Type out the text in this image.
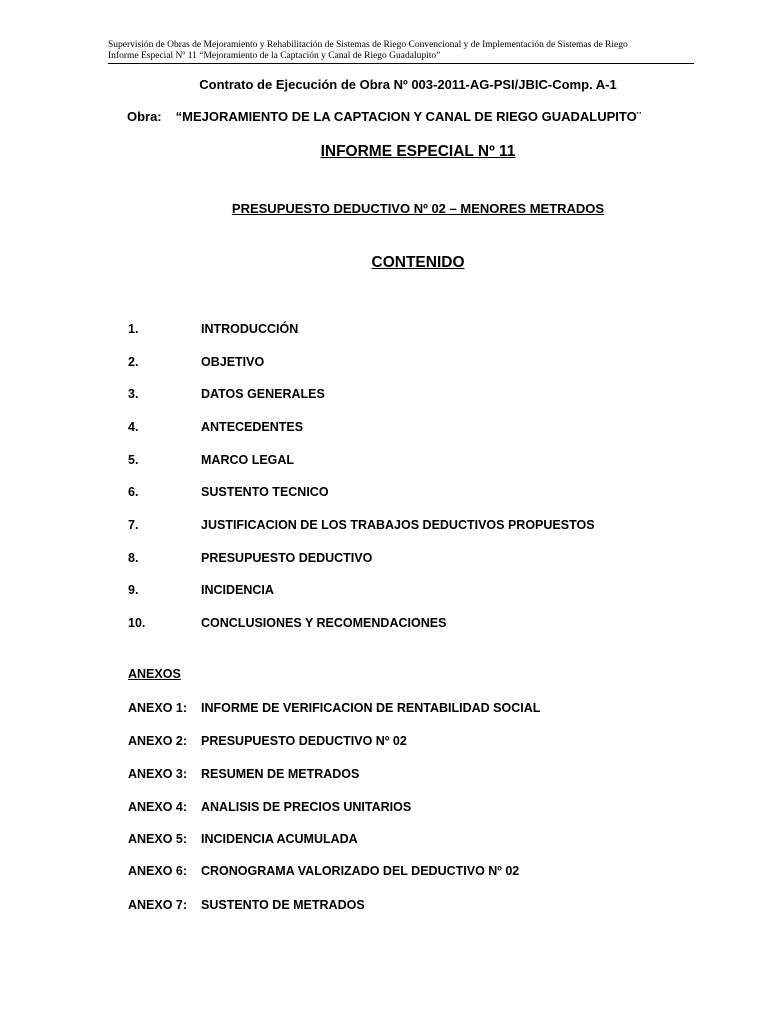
Supervisión de Obras de Mejoramiento y Rehabilitación de Sistemas de Riego Convencional y de Implementación de Sistemas de Riego
Informe Especial Nº 11 “Mejoramiento de la Captación y Canal de Riego Guadalupito”
Contrato de Ejecución de Obra Nº 003-2011-AG-PSI/JBIC-Comp. A-1
Obra: “MEJORAMIENTO DE LA CAPTACION Y CANAL DE RIEGO GUADALUPITO¨
INFORME ESPECIAL Nº 11
PRESUPUESTO DEDUCTIVO Nº 02 – MENORES METRADOS
CONTENIDO
1.	INTRODUCCIÓN
2.	OBJETIVO
3.	DATOS GENERALES
4.	ANTECEDENTES
5.	MARCO LEGAL
6.	SUSTENTO TECNICO
7.	JUSTIFICACION DE LOS TRABAJOS DEDUCTIVOS PROPUESTOS
8.	PRESUPUESTO DEDUCTIVO
9.	INCIDENCIA
10.	CONCLUSIONES Y RECOMENDACIONES
ANEXOS
ANEXO 1: INFORME DE VERIFICACION DE RENTABILIDAD SOCIAL
ANEXO 2: PRESUPUESTO DEDUCTIVO Nº 02
ANEXO 3: RESUMEN DE METRADOS
ANEXO 4: ANALISIS DE PRECIOS UNITARIOS
ANEXO 5: INCIDENCIA ACUMULADA
ANEXO 6: CRONOGRAMA VALORIZADO DEL DEDUCTIVO Nº 02
ANEXO 7: SUSTENTO DE METRADOS
